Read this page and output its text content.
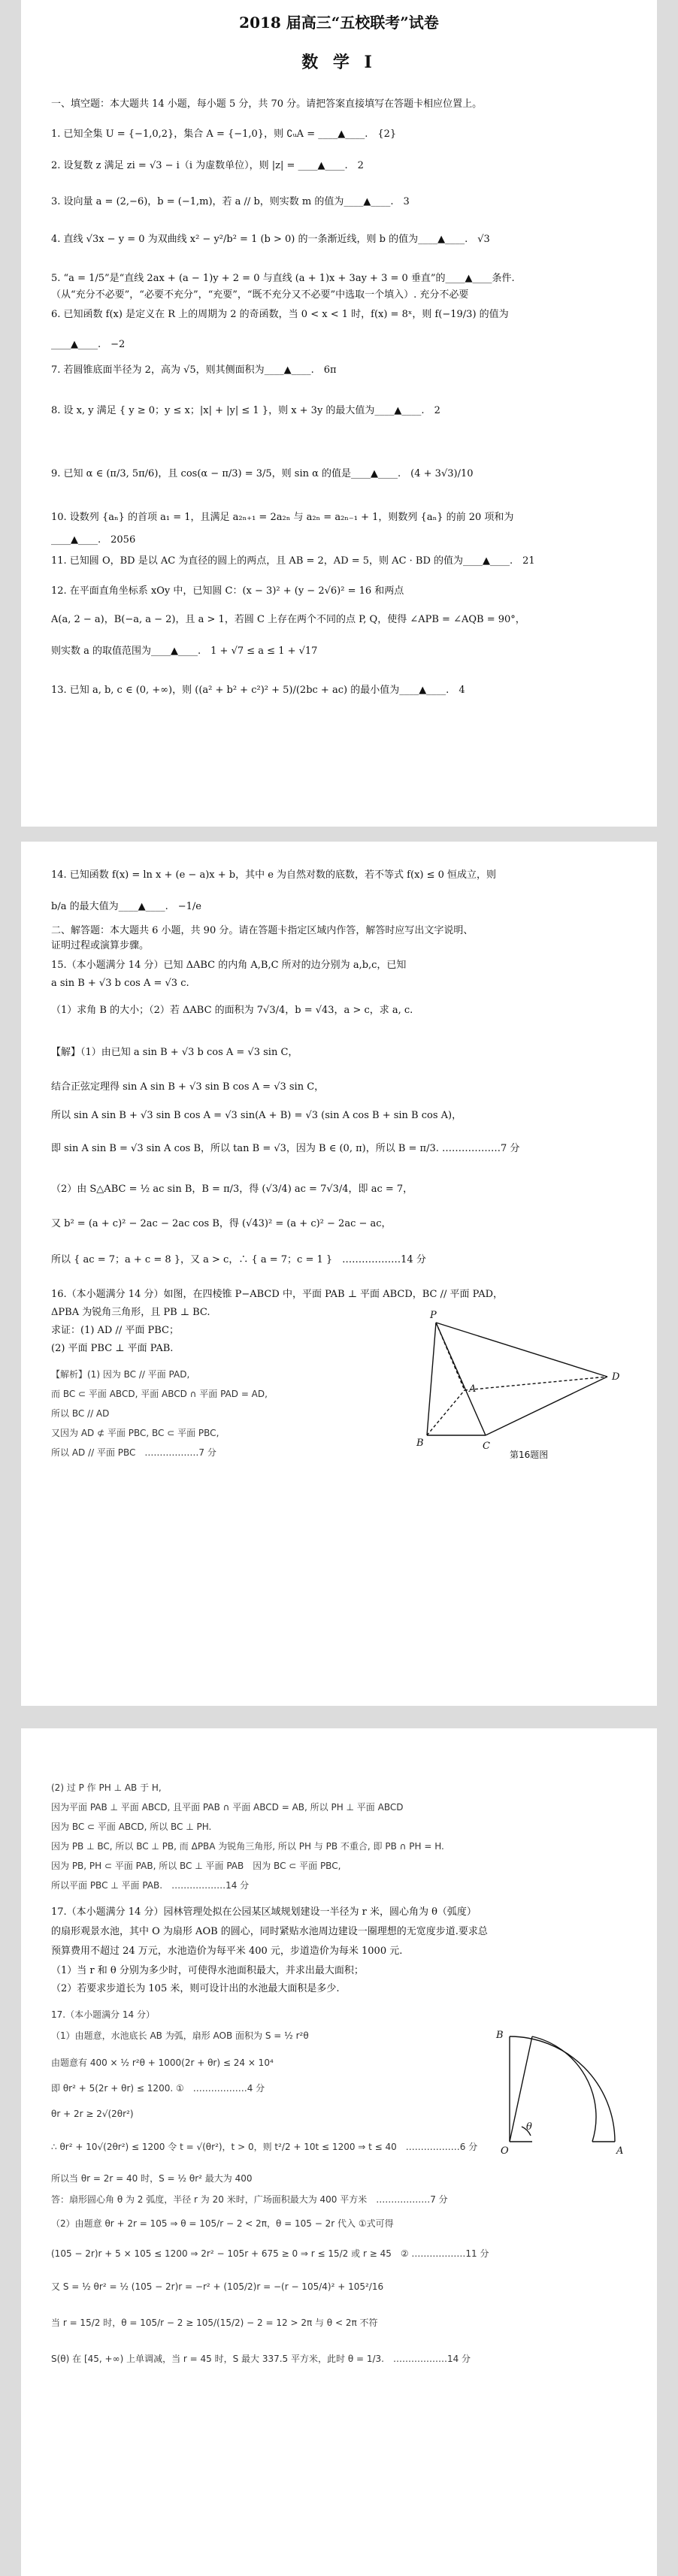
2018 届高三“五校联考”试卷
数 学 I
一、填空题：本大题共 14 小题，每小题 5 分，共 70 分。请把答案直接填写在答题卡相应位置上。
1. 已知全集 U = {−1,0,2}，集合 A = {−1,0}，则 ∁ᵤA = ____▲____.　{2}
2. 设复数 z 满足 zi = √3 − i（i 为虚数单位），则 |z| = ____▲____.　2
3. 设向量 a = (2,−6)，b = (−1,m)，若 a // b，则实数 m 的值为____▲____.　3
4. 直线 √3x − y = 0 为双曲线 x² − y²/b² = 1 (b > 0) 的一条渐近线，则 b 的值为____▲____.　√3
5. “a = 1/5”是“直线 2ax + (a − 1)y + 2 = 0 与直线 (a + 1)x + 3ay + 3 = 0 垂直”的____▲____条件.
（从“充分不必要”，“必要不充分”，“充要”，“既不充分又不必要”中选取一个填入）. 充分不必要
6. 已知函数 f(x) 是定义在 R 上的周期为 2 的奇函数，当 0 < x < 1 时，f(x) = 8ˣ，则 f(−19/3) 的值为
____▲____.　−2
7. 若圆锥底面半径为 2，高为 √5，则其侧面积为____▲____.　6π
8. 设 x, y 满足 { y ≥ 0；y ≤ x；|x| + |y| ≤ 1 }，则 x + 3y 的最大值为____▲____.　2
9. 已知 α ∈ (π/3, 5π/6)，且 cos(α − π/3) = 3/5，则 sin α 的值是____▲____.　(4 + 3√3)/10
10. 设数列 {aₙ} 的首项 a₁ = 1，且满足 a₂ₙ₊₁ = 2a₂ₙ 与 a₂ₙ = a₂ₙ₋₁ + 1，则数列 {aₙ} 的前 20 项和为
____▲____.　2056
11. 已知圆 O，BD 是以 AC 为直径的圆上的两点，且 AB = 2，AD = 5，则 AC · BD 的值为____▲____.　21
12. 在平面直角坐标系 xOy 中，已知圆 C：(x − 3)² + (y − 2√6)² = 16 和两点
A(a, 2 − a)，B(−a, a − 2)，且 a > 1，若圆 C 上存在两个不同的点 P, Q，使得 ∠APB = ∠AQB = 90°，
则实数 a 的取值范围为____▲____.　1 + √7 ≤ a ≤ 1 + √17
13. 已知 a, b, c ∈ (0, +∞)，则 ((a² + b² + c²)² + 5)/(2bc + ac) 的最小值为____▲____.　4
14. 已知函数 f(x) = ln x + (e − a)x + b，其中 e 为自然对数的底数，若不等式 f(x) ≤ 0 恒成立，则
b/a 的最大值为____▲____.　−1/e
二、解答题：本大题共 6 小题，共 90 分。请在答题卡指定区域内作答，解答时应写出文字说明、
证明过程或演算步骤。
15.（本小题满分 14 分）已知 ΔABC 的内角 A,B,C 所对的边分别为 a,b,c，已知
a sin B + √3 b cos A = √3 c.
（1）求角 B 的大小；（2）若 ΔABC 的面积为 7√3/4，b = √43，a > c，求 a, c.
【解】（1）由已知 a sin B + √3 b cos A = √3 sin C，
结合正弦定理得 sin A sin B + √3 sin B cos A = √3 sin C，
所以 sin A sin B + √3 sin B cos A = √3 sin(A + B) = √3 (sin A cos B + sin B cos A)，
即 sin A sin B = √3 sin A cos B，所以 tan B = √3，因为 B ∈ (0, π)，所以 B = π/3. ………………7 分
（2）由 S△ABC = ½ ac sin B，B = π/3，得 (√3/4) ac = 7√3/4，即 ac = 7，
又 b² = (a + c)² − 2ac − 2ac cos B，得 (√43)² = (a + c)² − 2ac − ac，
所以 { ac = 7；a + c = 8 }，又 a > c，∴ { a = 7；c = 1 }　………………14 分
16.（本小题满分 14 分）如图，在四棱锥 P−ABCD 中，平面 PAB ⊥ 平面 ABCD，BC // 平面 PAD，
ΔPBA 为锐角三角形，且 PB ⊥ BC.
求证：(1) AD // 平面 PBC；
(2) 平面 PBC ⊥ 平面 PAB.
【解析】(1) 因为 BC // 平面 PAD,
而 BC ⊂ 平面 ABCD, 平面 ABCD ∩ 平面 PAD = AD,
所以 BC // AD
又因为 AD ⊄ 平面 PBC, BC ⊂ 平面 PBC,
所以 AD // 平面 PBC　………………7 分
P
A
B	C
D
第16题图
(2) 过 P 作 PH ⊥ AB 于 H,
因为平面 PAB ⊥ 平面 ABCD, 且平面 PAB ∩ 平面 ABCD = AB, 所以 PH ⊥ 平面 ABCD
因为 BC ⊂ 平面 ABCD, 所以 BC ⊥ PH.
因为 PB ⊥ BC, 所以 BC ⊥ PB, 而 ΔPBA 为锐角三角形, 所以 PH 与 PB 不重合, 即 PB ∩ PH = H.
因为 PB, PH ⊂ 平面 PAB, 所以 BC ⊥ 平面 PAB　因为 BC ⊂ 平面 PBC,
所以平面 PBC ⊥ 平面 PAB.　………………14 分
17.（本小题满分 14 分）园林管理处拟在公园某区域规划建设一半径为 r 米，圆心角为 θ（弧度）
的扇形观景水池，其中 O 为扇形 AOB 的圆心，同时紧贴水池周边建设一圈理想的无宽度步道.要求总
预算费用不超过 24 万元，水池造价为每平米 400 元，步道造价为每米 1000 元.
（1）当 r 和 θ 分别为多少时，可使得水池面积最大，并求出最大面积；
（2）若要求步道长为 105 米，则可设计出的水池最大面积是多少.
17.（本小题满分 14 分）
（1）由题意，水池底长 AB 为弧，扇形 AOB 面积为 S = ½ r²θ
由题意有 400 × ½ r²θ + 1000(2r + θr) ≤ 24 × 10⁴
即 θr² + 5(2r + θr) ≤ 1200. ①　………………4 分
θr + 2r ≥ 2√(2θr²)
∴ θr² + 10√(2θr²) ≤ 1200 令 t = √(θr²)，t > 0，则 t²/2 + 10t ≤ 1200 ⇒ t ≤ 40　………………6 分
所以当 θr = 2r = 40 时，S = ½ θr² 最大为 400
答：扇形圆心角 θ 为 2 弧度，半径 r 为 20 米时，广场面积最大为 400 平方米　………………7 分
（2）由题意 θr + 2r = 105 ⇒ θ = 105/r − 2 < 2π，θ = 105 − 2r 代入 ①式可得
(105 − 2r)r + 5 × 105 ≤ 1200 ⇒ 2r² − 105r + 675 ≥ 0 ⇒ r ≤ 15/2 或 r ≥ 45　② ………………11 分
又 S = ½ θr² = ½ (105 − 2r)r = −r² + (105/2)r = −(r − 105/4)² + 105²/16
当 r = 15/2 时，θ = 105/r − 2 ≥ 105/(15/2) − 2 = 12 > 2π 与 θ < 2π 不符
S(θ) 在 [45, +∞) 上单调减，当 r = 45 时，S 最大 337.5 平方米，此时 θ = 1/3.　………………14 分
B
O
θ
A
